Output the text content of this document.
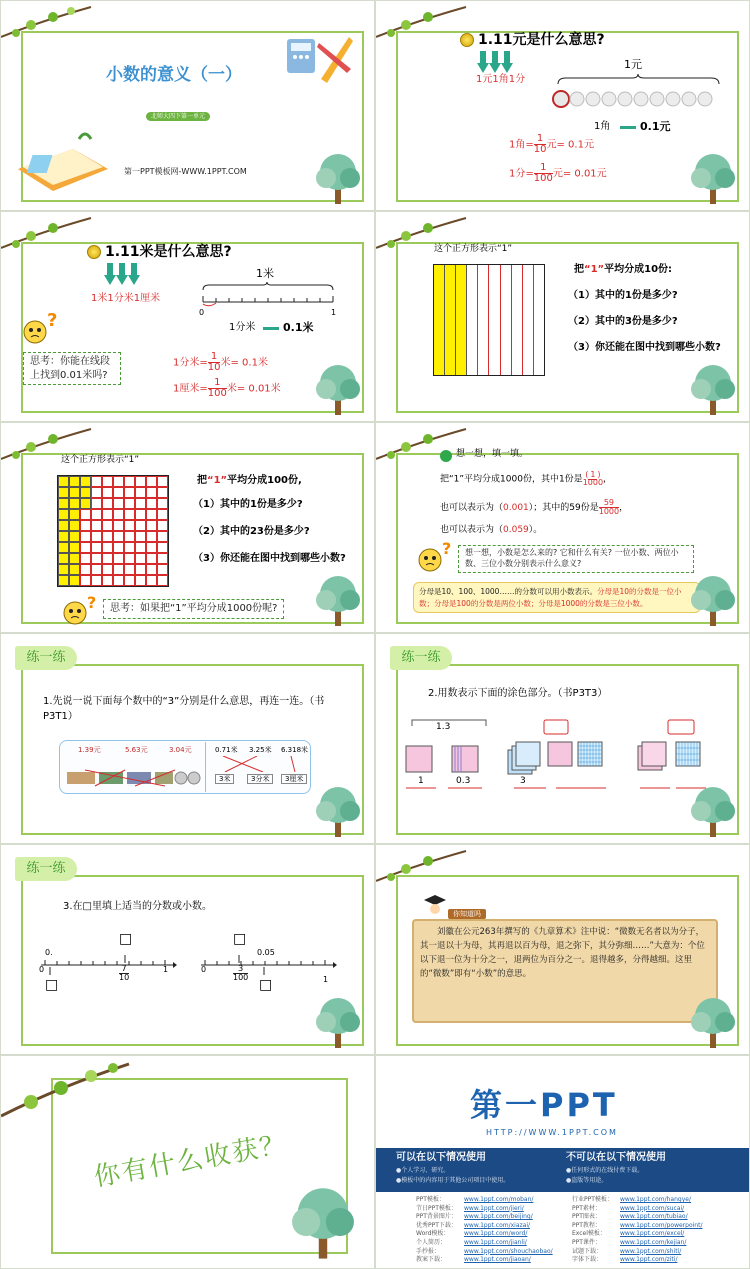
小数的意义（一）
北师大四下第一单元
第一PPT模板网-WWW.1PPT.COM
1.11元是什么意思?
1元1角1分
1元
1角	0.1元
1角= $\frac{1}{10}$ 元= 0.1元
1分= $\frac{1}{100}$ 元= 0.01元
1.11米是什么意思?
1米1分米1厘米
1米
0	1
1分米	0.1米
?
思考：你能在线段上找到0.01米吗?
1分米= $\frac{1}{10}$ 米= 0.1米
1厘米= $\frac{1}{100}$ 米= 0.01米
这个正方形表示“1”
把“1”平均分成10份:
（1）其中的1份是多少?
（2）其中的3份是多少?
（3）你还能在图中找到哪些小数?
这个正方形表示“1”
把“1”平均分成100份,
（1）其中的1份是多少?
（2）其中的23份是多少?
（3）你还能在图中找到哪些小数?
?	思考：如果把“1”平均分成1000份呢?
想一想，填一填。
把“1”平均分成1000份，其中1份是 ( 1 )
1000 ，
也可以表示为（0.001）；其中的59份是 $\frac{59}{1000}$ ，
也可以表示为（0.059）。
?	想一想，小数是怎么来的? 它和什么有关? 一位小数、两位小数、三位小数分别表示什么意义?
分母是10、100、1000……的分数可以用小数表示。分母是10的分数是一位小数；分母是100的分数是两位小数；分母是1000的分数是三位小数。
练一练
1.先说一说下面每个数中的“3”分别是什么意思，再连一连。（书P3T1）
1.39元	5.63元	3.04元	0.71米 3.25米 6.318米
3米	3分米	3厘米
练一练
2.用数表示下面的涂色部分。（书P3T3）
1.3
1	0.3	3
练一练
3.在□里填上适当的分数或小数。
□
0.
0
□
$\frac{7}{10}$	1
□
0.05
0	$\frac{3}{100}$
□	1
你知道吗
刘徽在公元263年撰写的《九章算术》注中说：“微数无名者以为分子，其一退以十为母，其再退以百为母，退之弥下，其分弥细……”大意为：个位以下退一位为十分之一，退两位为百分之一。退得越多，分得越细。这里的“微数”即有“小数”的意思。
你有什么收获？
第一PPT
HTTP://WWW.1PPT.COM
可以在以下情况使用
●个人学习、研究。
●模板中的内容用于其他公司项目中使用。
不可以在以下情况使用
●任何形式的在线付费下载。
●盗版等用途。
PPT模板：	www.1ppt.com/moban/
节日PPT模板： www.1ppt.com/jieri/
PPT背景图片： www.1ppt.com/beijing/
优秀PPT下载： www.1ppt.com/xiazai/
Word模板： www.1ppt.com/word/
个人简历：	www.1ppt.com/jianli/
手抄报：	www.1ppt.com/shouchaobao/
教案下载：	www.1ppt.com/jiaoan/
行业PPT模板： www.1ppt.com/hangye/
PPT素材：	www.1ppt.com/sucai/
PPT图表：	www.1ppt.com/tubiao/
PPT教程：	www.1ppt.com/powerpoint/
Excel模板： www.1ppt.com/excel/
PPT课件：	www.1ppt.com/kejian/
试题下载：	www.1ppt.com/shiti/
字体下载：	www.1ppt.com/ziti/
